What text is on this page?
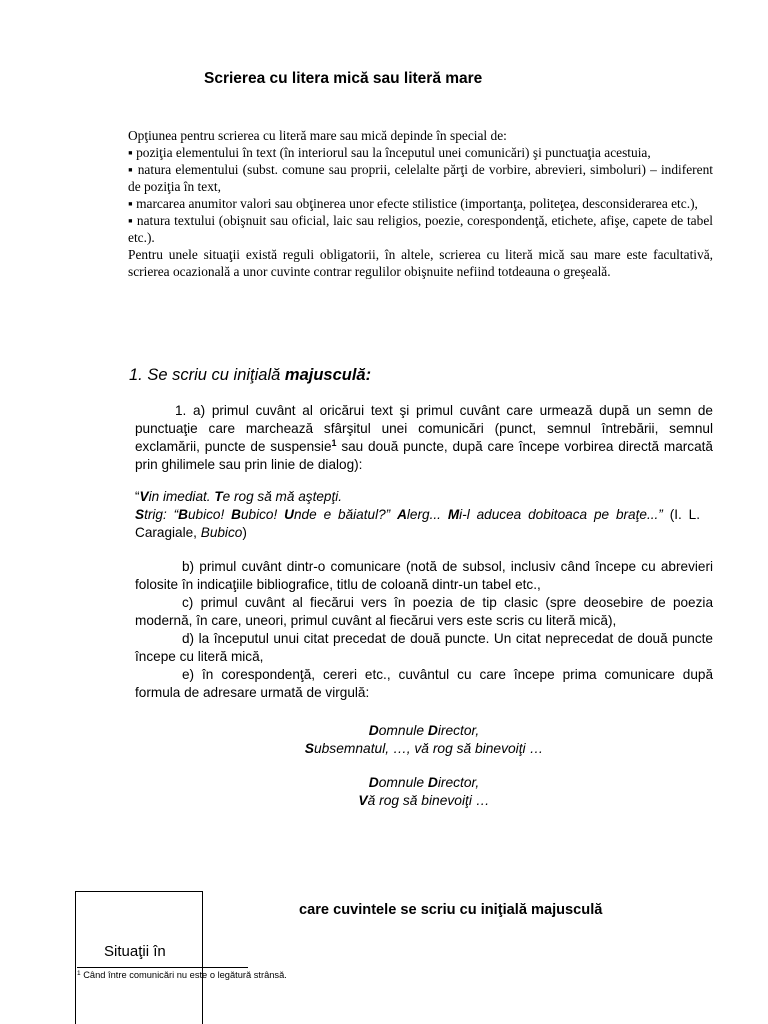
Scrierea cu litera mică sau literă mare

Opţiunea pentru scrierea cu literă mare sau mică depinde în special de:

▪ poziţia elementului în text (în interiorul sau la începutul unei comunicări) şi punctuaţia acestuia,

▪ natura elementului (subst. comune sau proprii, celelalte părţi de vorbire, abrevieri, simboluri) – indiferent de poziţia în text,

▪ marcarea anumitor valori sau obţinerea unor efecte stilistice (importanţa, politeţea, desconsiderarea etc.),

▪ natura textului (obişnuit sau oficial, laic sau religios, poezie, corespondenţă, etichete, afişe, capete de tabel etc.).

Pentru unele situaţii există reguli obligatorii, în altele, scrierea cu literă mică sau mare este facultativă, scrierea ocazională a unor cuvinte contrar regulilor obişnuite nefiind totdeauna o greşeală.

1. Se scriu cu iniţială majusculă:

1. a) primul cuvânt al oricărui text şi primul cuvânt care urmează după un semn de punctuaţie care marchează sfârşitul unei comunicări (punct, semnul întrebării, semnul exclamării, puncte de suspensie$^1$ sau două puncte, după care începe vorbirea directă marcată prin ghilimele sau prin linie de dialog):

“Vin imediat. Te rog să mă aştepţi.

Strig: “Bubico! Bubico! Unde e băiatul?” Alerg... Mi-l aducea dobitoaca pe braţe...” (I. L. Caragiale, Bubico)

b) primul cuvânt dintr-o comunicare (notă de subsol, inclusiv când începe cu abrevieri folosite în indicaţiile bibliografice, titlu de coloană dintr-un tabel etc.,

c) primul cuvânt al fiecărui vers în poezia de tip clasic (spre deosebire de poezia modernă, în care, uneori, primul cuvânt al fiecărui vers este scris cu literă mică),

d) la începutul unui citat precedat de două puncte. Un citat neprecedat de două puncte începe cu literă mică,

e) în corespondenţă, cereri etc., cuvântul cu care începe prima comunicare după formula de adresare urmată de virgulă:

Domnule Director,

Subsemnatul, …, vă rog să binevoiţi …

Domnule Director,

Vă rog să binevoiţi …

Situaţii în
care cuvintele se scriu cu iniţială majusculă
$^1$ Când între comunicări nu este o legătură strânsă.
